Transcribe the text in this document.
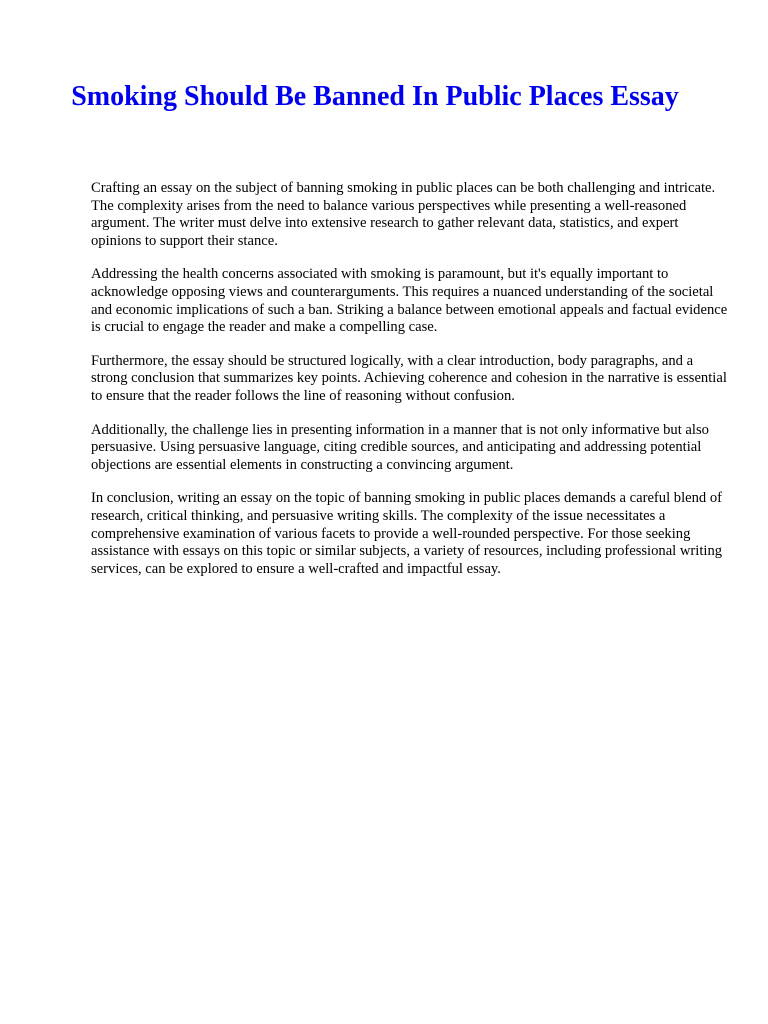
Smoking Should Be Banned In Public Places Essay

Crafting an essay on the subject of banning smoking in public places can be both challenging and intricate. The complexity arises from the need to balance various perspectives while presenting a well-reasoned argument. The writer must delve into extensive research to gather relevant data, statistics, and expert opinions to support their stance.

Addressing the health concerns associated with smoking is paramount, but it's equally important to acknowledge opposing views and counterarguments. This requires a nuanced understanding of the societal and economic implications of such a ban. Striking a balance between emotional appeals and factual evidence is crucial to engage the reader and make a compelling case.

Furthermore, the essay should be structured logically, with a clear introduction, body paragraphs, and a strong conclusion that summarizes key points. Achieving coherence and cohesion in the narrative is essential to ensure that the reader follows the line of reasoning without confusion.

Additionally, the challenge lies in presenting information in a manner that is not only informative but also persuasive. Using persuasive language, citing credible sources, and anticipating and addressing potential objections are essential elements in constructing a convincing argument.

In conclusion, writing an essay on the topic of banning smoking in public places demands a careful blend of research, critical thinking, and persuasive writing skills. The complexity of the issue necessitates a comprehensive examination of various facets to provide a well-rounded perspective. For those seeking assistance with essays on this topic or similar subjects, a variety of resources, including professional writing services, can be explored to ensure a well-crafted and impactful essay.
